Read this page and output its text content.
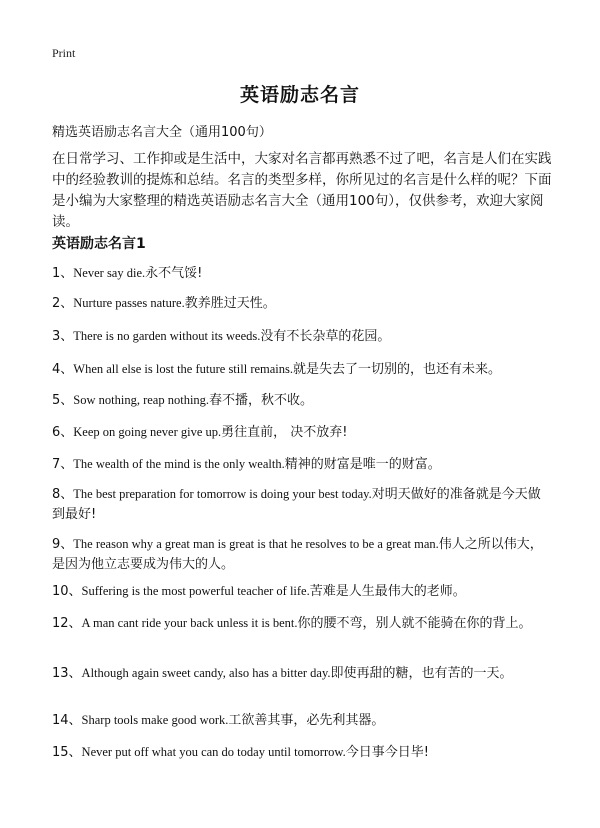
Print
英语励志名言
精选英语励志名言大全（通用100句）
在日常学习、工作抑或是生活中，大家对名言都再熟悉不过了吧，名言是人们在实践中的经验教训的提炼和总结。名言的类型多样，你所见过的名言是什么样的呢？下面是小编为大家整理的精选英语励志名言大全（通用100句），仅供参考，欢迎大家阅读。
英语励志名言1
1、Never say die.永不气馁!
2、Nurture passes nature.教养胜过天性。
3、There is no garden without its weeds.没有不长杂草的花园。
4、When all else is lost the future still remains.就是失去了一切别的，也还有未来。
5、Sow nothing, reap nothing.春不播，秋不收。
6、Keep on going never give up.勇往直前， 决不放弃!
7、The wealth of the mind is the only wealth.精神的财富是唯一的财富。
8、The best preparation for tomorrow is doing your best today.对明天做好的准备就是今天做到最好!
9、The reason why a great man is great is that he resolves to be a great man.伟人之所以伟大，是因为他立志要成为伟大的人。
10、Suffering is the most powerful teacher of life.苦难是人生最伟大的老师。
12、A man cant ride your back unless it is bent.你的腰不弯，别人就不能骑在你的背上。
13、Although again sweet candy, also has a bitter day.即使再甜的糖，也有苦的一天。
14、Sharp tools make good work.工欲善其事，必先利其器。
15、Never put off what you can do today until tomorrow.今日事今日毕!
